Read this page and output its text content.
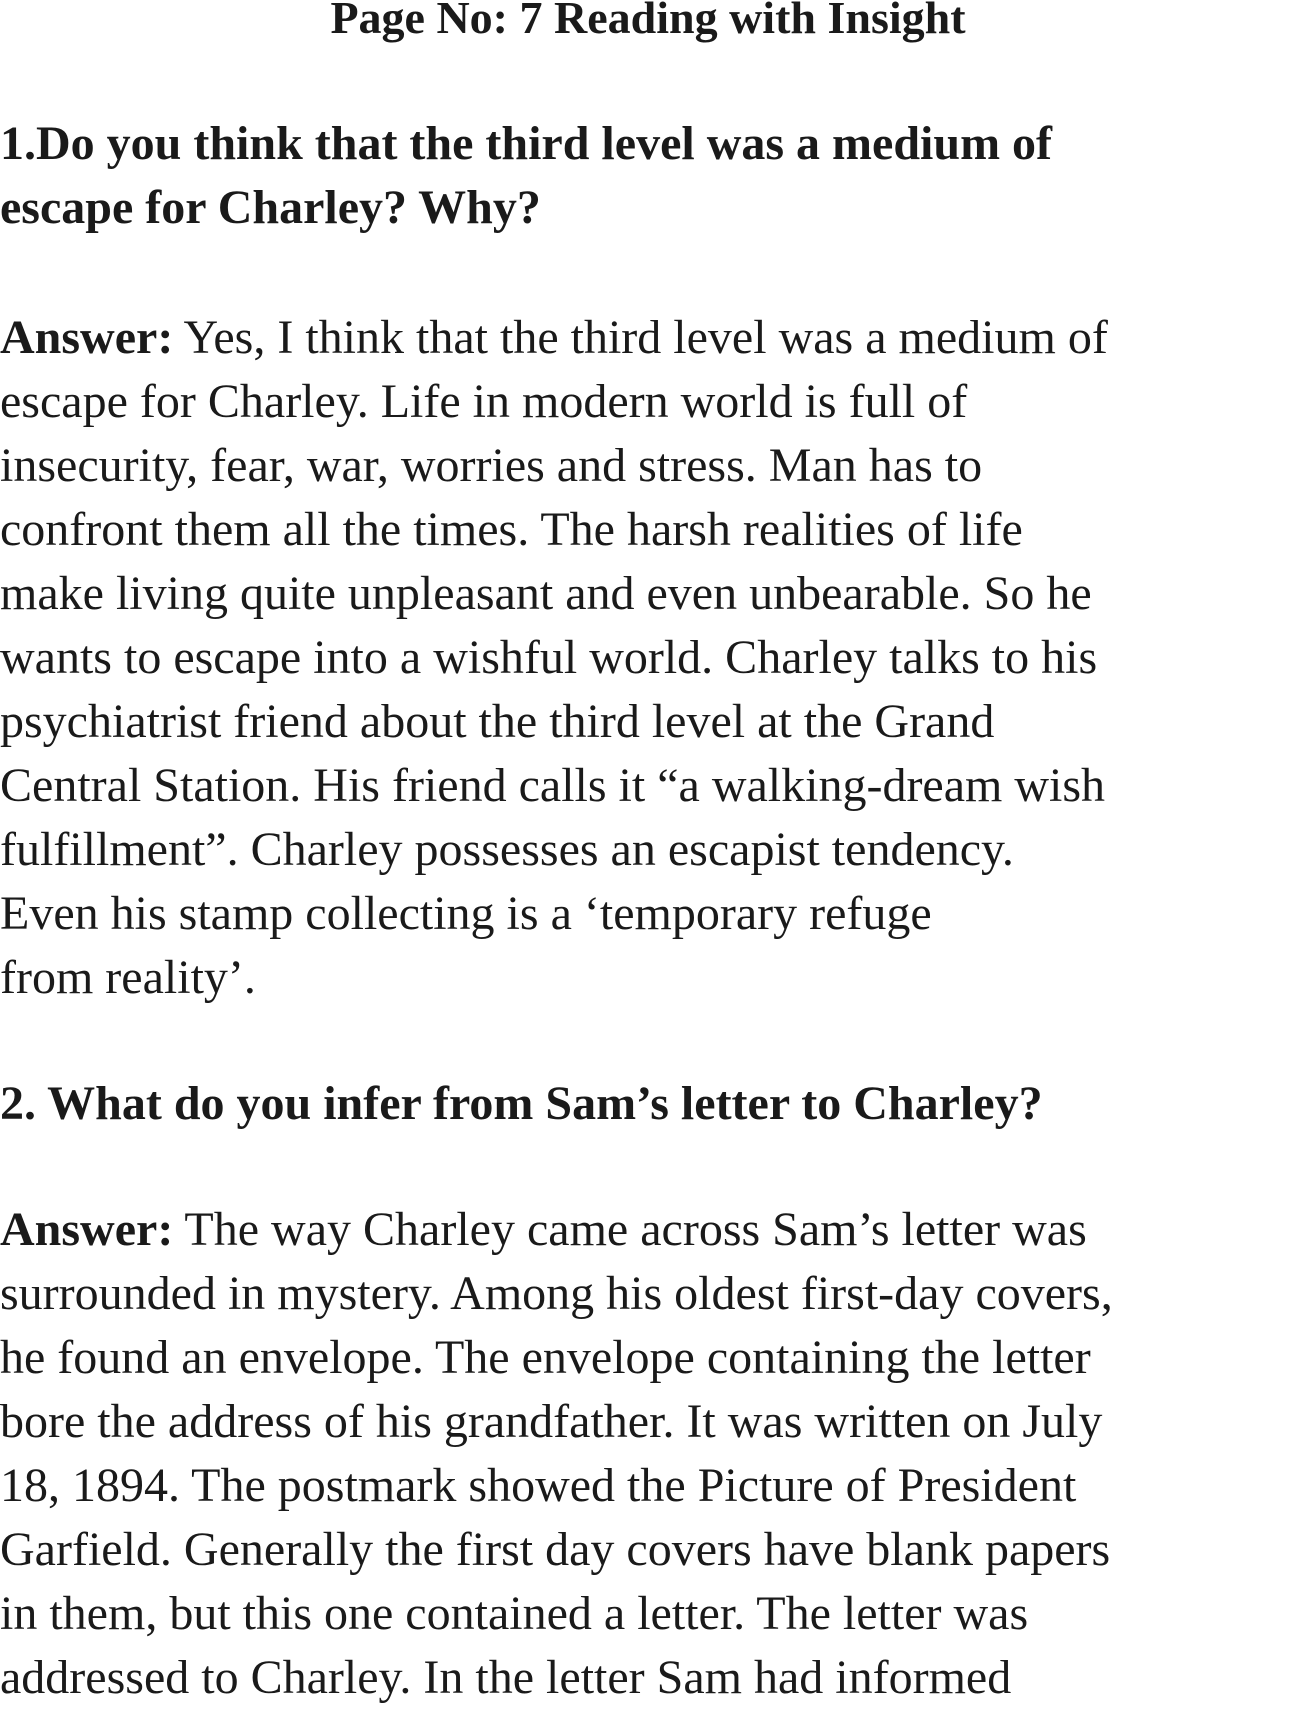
Page No: 7 Reading with Insight
1.Do you think that the third level was a medium of
escape for Charley? Why?
Answer: Yes, I think that the third level was a medium of
escape for Charley. Life in modern world is full of
insecurity, fear, war, worries and stress. Man has to
confront them all the times. The harsh realities of life
make living quite unpleasant and even unbearable. So he
wants to escape into a wishful world. Charley talks to his
psychiatrist friend about the third level at the Grand
Central Station. His friend calls it “a walking-dream wish
fulfillment”. Charley possesses an escapist tendency.
Even his stamp collecting is a ‘temporary refuge
from reality’.
2. What do you infer from Sam’s letter to Charley?
Answer: The way Charley came across Sam’s letter was
surrounded in mystery. Among his oldest first-day covers,
he found an envelope. The envelope containing the letter
bore the address of his grandfather. It was written on July
18, 1894. The postmark showed the Picture of President
Garfield. Generally the first day covers have blank papers
in them, but this one contained a letter. The letter was
addressed to Charley. In the letter Sam had informed
